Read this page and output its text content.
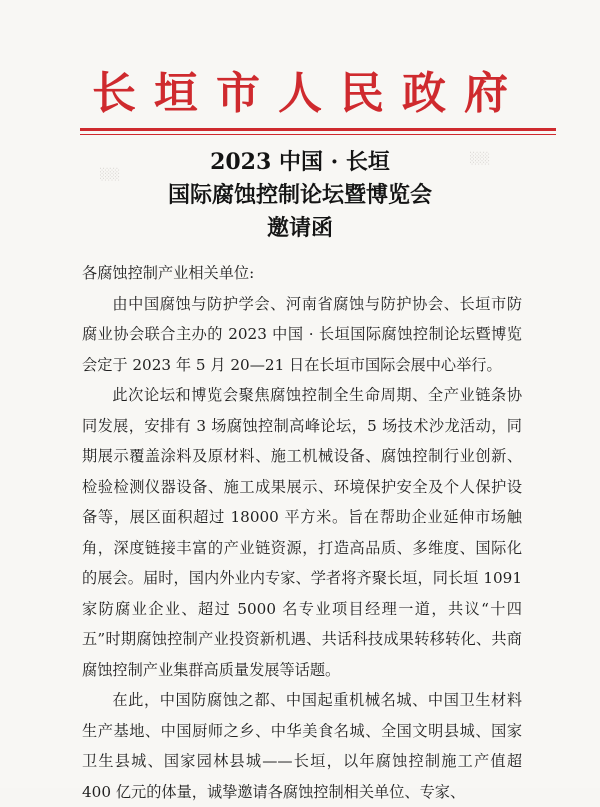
░░░
░░░
长垣市人民政府
2023 中国 · 长垣
国际腐蚀控制论坛暨博览会
邀请函

各腐蚀控制产业相关单位:

由中国腐蚀与防护学会、河南省腐蚀与防护协会、长垣市防腐业协会联合主办的 2023 中国 · 长垣国际腐蚀控制论坛暨博览会定于 2023 年 5 月 20—21 日在长垣市国际会展中心举行。

此次论坛和博览会聚焦腐蚀控制全生命周期、全产业链条协同发展，安排有 3 场腐蚀控制高峰论坛，5 场技术沙龙活动，同期展示覆盖涂料及原材料、施工机械设备、腐蚀控制行业创新、检验检测仪器设备、施工成果展示、环境保护安全及个人保护设备等，展区面积超过 18000 平方米。旨在帮助企业延伸市场触角，深度链接丰富的产业链资源，打造高品质、多维度、国际化的展会。届时，国内外业内专家、学者将齐聚长垣，同长垣 1091 家防腐业企业、超过 5000 名专业项目经理一道，共议“十四五”时期腐蚀控制产业投资新机遇、共话科技成果转移转化、共商腐蚀控制产业集群高质量发展等话题。

在此，中国防腐蚀之都、中国起重机械名城、中国卫生材料生产基地、中国厨师之乡、中华美食名城、全国文明县城、国家卫生县城、国家园林县城——长垣，以年腐蚀控制施工产值超 400 亿元的体量，诚挚邀请各腐蚀控制相关单位、专家、
